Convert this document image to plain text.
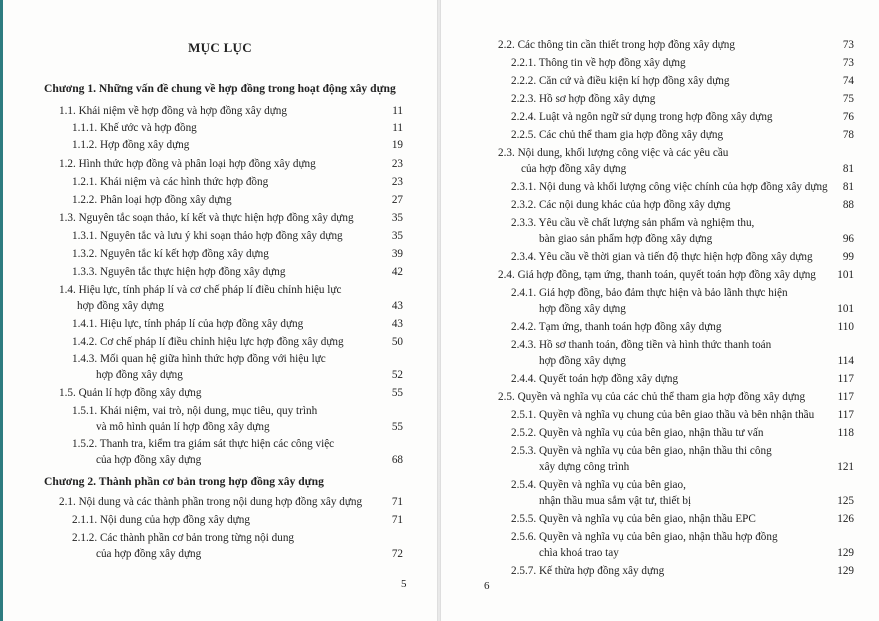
MỤC LỤC
Chương 1. Những vấn đề chung về hợp đồng trong hoạt động xây dựng
1.1. Khái niệm về hợp đồng và hợp đồng xây dựng	11
1.1.1. Khế ước và hợp đồng	11
1.1.2. Hợp đồng xây dựng	19
1.2. Hình thức hợp đồng và phân loại hợp đồng xây dựng	23
1.2.1. Khái niệm và các hình thức hợp đồng	23
1.2.2. Phân loại hợp đồng xây dựng	27
1.3. Nguyên tắc soạn thảo, kí kết và thực hiện hợp đồng xây dựng	35
1.3.1. Nguyên tắc và lưu ý khi soạn thảo hợp đồng xây dựng	35
1.3.2. Nguyên tắc kí kết hợp đồng xây dựng	39
1.3.3. Nguyên tắc thực hiện hợp đồng xây dựng	42
1.4. Hiệu lực, tính pháp lí và cơ chế pháp lí điều chỉnh hiệu lực
hợp đồng xây dựng	43
1.4.1. Hiệu lực, tính pháp lí của hợp đồng xây dựng	43
1.4.2. Cơ chế pháp lí điều chỉnh hiệu lực hợp đồng xây dựng	50
1.4.3. Mối quan hệ giữa hình thức hợp đồng với hiệu lực
hợp đồng xây dựng	52
1.5. Quản lí hợp đồng xây dựng	55
1.5.1. Khái niệm, vai trò, nội dung, mục tiêu, quy trình
và mô hình quản lí hợp đồng xây dựng	55
1.5.2. Thanh tra, kiểm tra giám sát thực hiện các công việc
của hợp đồng xây dựng	68
Chương 2. Thành phần cơ bản trong hợp đồng xây dựng
2.1. Nội dung và các thành phần trong nội dung hợp đồng xây dựng	71
2.1.1. Nội dung của hợp đồng xây dựng	71
2.1.2. Các thành phần cơ bản trong từng nội dung
của hợp đồng xây dựng	72
5
2.2. Các thông tin cần thiết trong hợp đồng xây dựng	73
2.2.1. Thông tin về hợp đồng xây dựng	73
2.2.2. Căn cứ và điều kiện kí hợp đồng xây dựng	74
2.2.3. Hồ sơ hợp đồng xây dựng	75
2.2.4. Luật và ngôn ngữ sử dụng trong hợp đồng xây dựng	76
2.2.5. Các chủ thể tham gia hợp đồng xây dựng	78
2.3. Nội dung, khối lượng công việc và các yêu cầu
của hợp đồng xây dựng	81
2.3.1. Nội dung và khối lượng công việc chính của hợp đồng xây dựng	81
2.3.2. Các nội dung khác của hợp đồng xây dựng	88
2.3.3. Yêu cầu về chất lượng sản phẩm và nghiệm thu,
bàn giao sản phẩm hợp đồng xây dựng	96
2.3.4. Yêu cầu về thời gian và tiến độ thực hiện hợp đồng xây dựng	99
2.4. Giá hợp đồng, tạm ứng, thanh toán, quyết toán hợp đồng xây dựng	101
2.4.1. Giá hợp đồng, bảo đảm thực hiện và bảo lãnh thực hiện
hợp đồng xây dựng	101
2.4.2. Tạm ứng, thanh toán hợp đồng xây dựng	110
2.4.3. Hồ sơ thanh toán, đồng tiền và hình thức thanh toán
hợp đồng xây dựng	114
2.4.4. Quyết toán hợp đồng xây dựng	117
2.5. Quyền và nghĩa vụ của các chủ thể tham gia hợp đồng xây dựng	117
2.5.1. Quyền và nghĩa vụ chung của bên giao thầu và bên nhận thầu	117
2.5.2. Quyền và nghĩa vụ của bên giao, nhận thầu tư vấn	118
2.5.3. Quyền và nghĩa vụ của bên giao, nhận thầu thi công
xây dựng công trình	121
2.5.4. Quyền và nghĩa vụ của bên giao,
nhận thầu mua sắm vật tư, thiết bị	125
2.5.5. Quyền và nghĩa vụ của bên giao, nhận thầu EPC	126
2.5.6. Quyền và nghĩa vụ của bên giao, nhận thầu hợp đồng
chìa khoá trao tay	129
2.5.7. Kế thừa hợp đồng xây dựng	129
6
